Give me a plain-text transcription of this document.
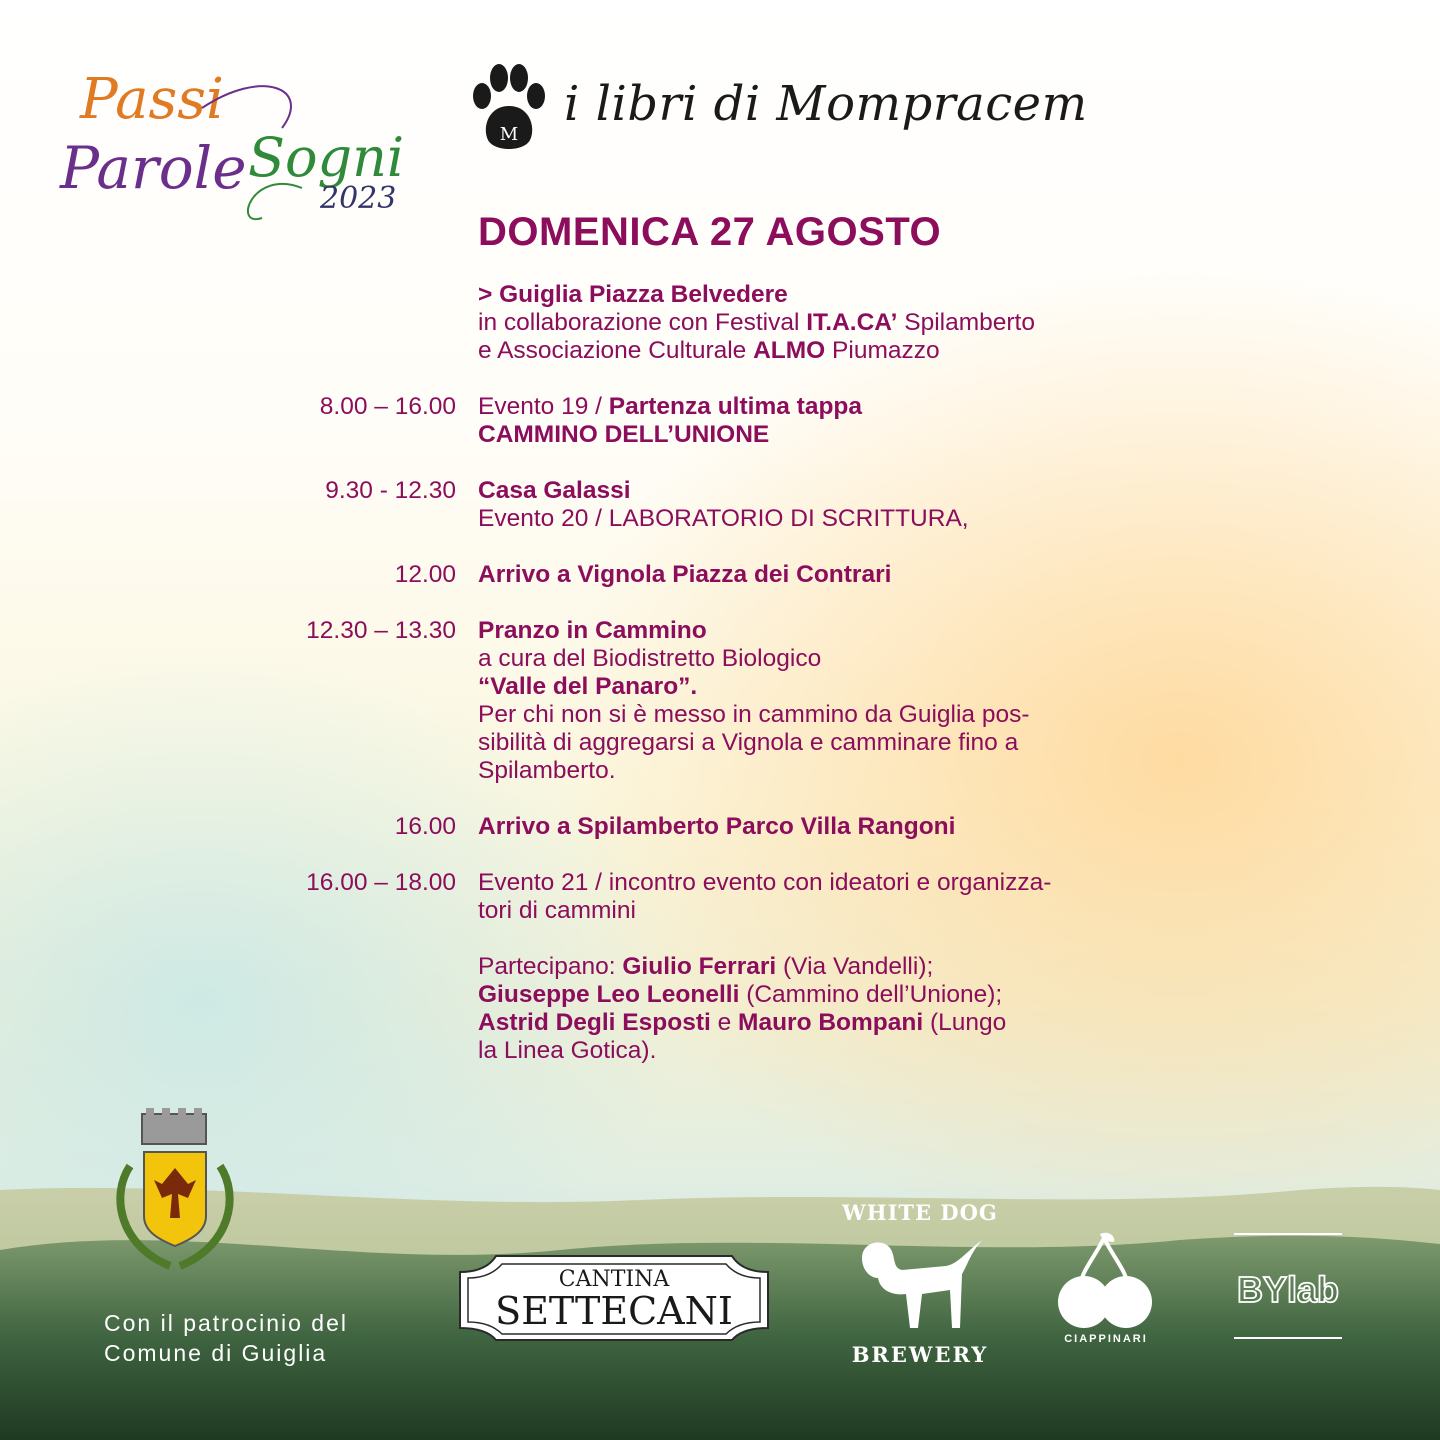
Passi
Parole Sogni
2023
M
i libri di Mompracem
DOMENICA 27 AGOSTO
> Guiglia Piazza Belvedere
in collaborazione con Festival IT.A.CA’ Spilamberto
e Associazione Culturale ALMO Piumazzo
8.00 – 16.00 Evento 19 / Partenza ultima tappa
CAMMINO DELL’UNIONE
9.30 - 12.30 Casa Galassi
Evento 20 / LABORATORIO DI SCRITTURA,
12.00 Arrivo a Vignola Piazza dei Contrari
12.30 – 13.30 Pranzo in Cammino
a cura del Biodistretto Biologico
“Valle del Panaro”.
Per chi non si è messo in cammino da Guiglia pos-
sibilità di aggregarsi a Vignola e camminare fino a
Spilamberto.
16.00 Arrivo a Spilamberto Parco Villa Rangoni
16.00 – 18.00 Evento 21 / incontro evento con ideatori e organizza-
tori di cammini
Partecipano: Giulio Ferrari (Via Vandelli);
Giuseppe Leo Leonelli (Cammino dell’Unione);
Astrid Degli Esposti e Mauro Bompani (Lungo
la Linea Gotica).
Con il patrocinio del
Comune di Guiglia
CANTINA
SETTECANI
WHITE DOG
BREWERY
CIAPPINARI
BYlab
